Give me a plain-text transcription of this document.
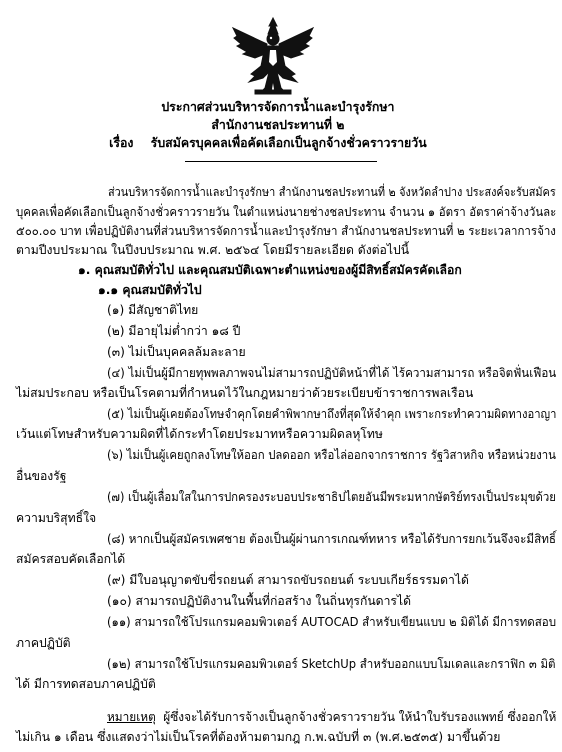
ประกาศส่วนบริหารจัดการน้ำและบำรุงรักษา
สำนักงานชลประทานที่ ๒
เรื่อง รับสมัครบุคคลเพื่อคัดเลือกเป็นลูกจ้างชั่วคราวรายวัน
ส่วนบริหารจัดการน้ำและบำรุงรักษา สำนักงานชลประทานที่ ๒ จังหวัดลำปาง ประสงค์จะรับสมัคร
บุคคลเพื่อคัดเลือกเป็นลูกจ้างชั่วคราวรายวัน ในตำแหน่งนายช่างชลประทาน จำนวน ๑ อัตรา อัตราค่าจ้างวันละ
๕๐๐.๐๐ บาท เพื่อปฏิบัติงานที่ส่วนบริหารจัดการน้ำและบำรุงรักษา สำนักงานชลประทานที่ ๒ ระยะเวลาการจ้าง
ตามปีงบประมาณ ในปีงบประมาณ พ.ศ. ๒๕๖๔ โดยมีรายละเอียด ดังต่อไปนี้
๑. คุณสมบัติทั่วไป และคุณสมบัติเฉพาะตำแหน่งของผู้มีสิทธิ์สมัครคัดเลือก
๑.๑ คุณสมบัติทั่วไป
(๑) มีสัญชาติไทย
(๒) มีอายุไม่ต่ำกว่า ๑๘ ปี
(๓) ไม่เป็นบุคคลล้มละลาย
(๔) ไม่เป็นผู้มีกายทุพพลภาพจนไม่สามารถปฏิบัติหน้าที่ได้ ไร้ความสามารถ หรือจิตฟั่นเฟือน
ไม่สมประกอบ หรือเป็นโรคตามที่กำหนดไว้ในกฎหมายว่าด้วยระเบียบข้าราชการพลเรือน
(๕) ไม่เป็นผู้เคยต้องโทษจำคุกโดยคำพิพากษาถึงที่สุดให้จำคุก เพราะกระทำความผิดทางอาญา
เว้นแต่โทษสำหรับความผิดที่ได้กระทำโดยประมาทหรือความผิดลหุโทษ
(๖) ไม่เป็นผู้เคยถูกลงโทษให้ออก ปลดออก หรือไล่ออกจากราชการ รัฐวิสาหกิจ หรือหน่วยงาน
อื่นของรัฐ
(๗) เป็นผู้เลื่อมใสในการปกครองระบอบประชาธิปไตยอันมีพระมหากษัตริย์ทรงเป็นประมุขด้วย
ความบริสุทธิ์ใจ
(๘) หากเป็นผู้สมัครเพศชาย ต้องเป็นผู้ผ่านการเกณฑ์ทหาร หรือได้รับการยกเว้นจึงจะมีสิทธิ์
สมัครสอบคัดเลือกได้
(๙) มีใบอนุญาตขับขี่รถยนต์ สามารถขับรถยนต์ ระบบเกียร์ธรรมดาได้
(๑๐) สามารถปฏิบัติงานในพื้นที่ก่อสร้าง ในถิ่นทุรกันดารได้
(๑๑) สามารถใช้โปรแกรมคอมพิวเตอร์ AUTOCAD สำหรับเขียนแบบ ๒ มิติได้ มีการทดสอบ
ภาคปฏิบัติ
(๑๒) สามารถใช้โปรแกรมคอมพิวเตอร์ SketchUp สำหรับออกแบบโมเดลและกราฟิก ๓ มิติ
ได้ มีการทดสอบภาคปฏิบัติ
หมายเหตุ ผู้ซึ่งจะได้รับการจ้างเป็นลูกจ้างชั่วคราวรายวัน ให้นำใบรับรองแพทย์ ซึ่งออกให้
ไม่เกิน ๑ เดือน ซึ่งแสดงว่าไม่เป็นโรคที่ต้องห้ามตามกฎ ก.พ.ฉบับที่ ๓ (พ.ศ.๒๕๓๕) มาขึ้นด้วย
